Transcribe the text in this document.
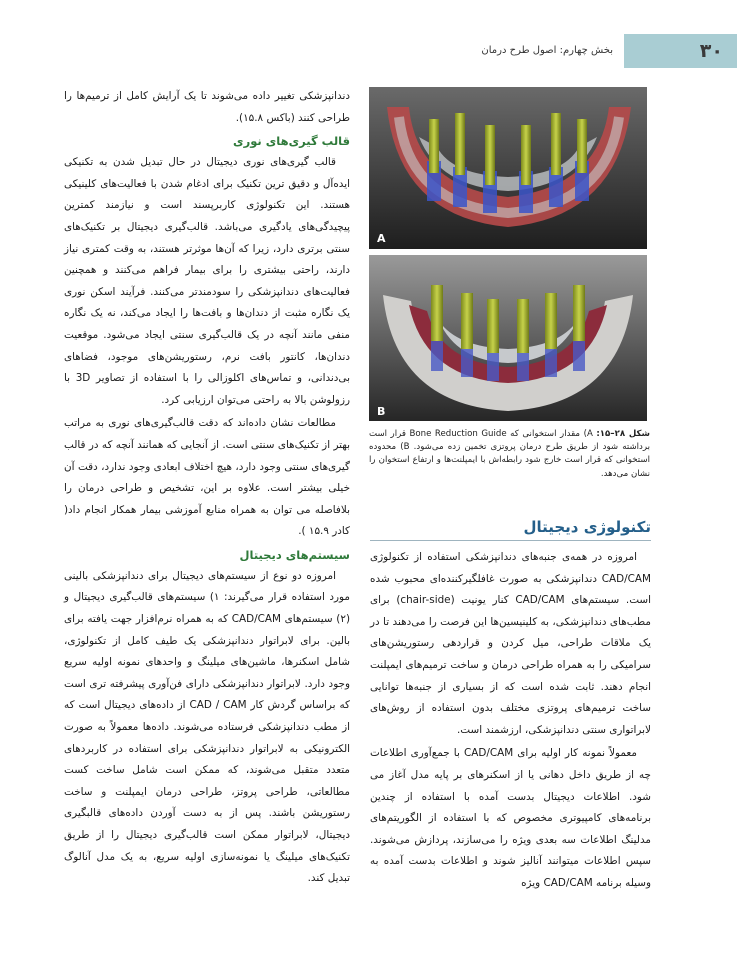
۳۰
بخش چهارم: اصول طرح درمان

دندانپزشکی تغییر داده می‌شوند تا یک آرایش کامل از ترمیم‌ها را طراحی کنند (باکس ۱۵.۸).

قالب گیری‌های نوری

قالب گیری‌های نوری دیجیتال در حال تبدیل شدن به تکنیکی ایده‌آل و دقیق ترین تکنیک برای ادغام شدن با فعالیت‌های کلینیکی هستند. این تکنولوژی کاربرپسند است و نیازمند کمترین پیچیدگی‌های یادگیری می‌باشد. قالب‌گیری دیجیتال بر تکنیک‌های سنتی برتری دارد، زیرا که آن‌ها موثرتر هستند، به وقت کمتری نیاز دارند، راحتی بیشتری را برای بیمار فراهم می‌کنند و همچنین فعالیت‌های دندانپزشکی را سودمندتر می‌کنند. فرآیند اسکن نوری یک نگاره مثبت از دندان‌ها و بافت‌ها را ایجاد می‌کند، نه یک نگاره منفی مانند آنچه در یک قالب‌گیری سنتی ایجاد می‌شود. موقعیت دندان‌ها، کانتور بافت نرم، رستوریشن‌های موجود، فضاهای بی‌دندانی، و تماس‌های اکلوزالی را با استفاده از تصاویر 3D با رزولوشن بالا به راحتی می‌توان ارزیابی کرد.

مطالعات نشان داده‌اند که دقت قالب‌گیری‌های نوری به مراتب بهتر از تکنیک‌های سنتی است. از آنجایی که همانند آنچه که در قالب گیری‌های سنتی وجود دارد، هیچ اختلاف ابعادی وجود ندارد، دقت آن خیلی بیشتر است. علاوه بر این، تشخیص و طراحی درمان را بلافاصله می توان به همراه منابع آموزشی بیمار همکار انجام داد( کادر ۱۵.۹ ).

سیستم‌های دیجیتال

امروزه دو نوع از سیستم‌های دیجیتال برای دندانپزشکی بالینی مورد استفاده قرار می‌گیرند: ۱) سیستم‌های قالب‌گیری دیجیتال و (۲) سیستم‌های CAD/CAM که به همراه نرم‌افزار جهت یافته برای بالین. برای لابراتوار دندانپزشکی یک طیف کامل از تکنولوژی، شامل اسکنرها، ماشین‌های میلینگ و واحدهای نمونه اولیه سریع وجود دارد. لابراتوار دندانپزشکی دارای فن‌آوری پیشرفته تری است که براساس گردش کار CAD / CAM از داده‌های دیجیتال است که از مطب دندانپزشکی فرستاده می‌شوند. داده‌ها معمولاً به صورت الکترونیکی به لابراتوار دندانپزشکی برای استفاده در کاربردهای متعدد متقبل می‌شوند، که ممکن است شامل ساخت کست مطالعاتی، طراحی پروتز، طراحی درمان ایمپلنت و ساخت رستوریشن باشند. پس از به دست آوردن داده‌های قالبگیری دیجیتال، لابراتوار ممکن است قالب‌گیری دیجیتال را از طریق تکنیک‌های میلینگ یا نمونه‌سازی اولیه سریع، به یک مدل آنالوگ تبدیل کند.

A
B
شکل ۲۸–۱۵: A) مقدار استخوانی که Bone Reduction Guide قرار است برداشته شود از طریق طرح درمان پروتزی تخمین زده می‌شود. B) محدوده استخوانی که قرار است خارج شود رابطه‌اش با ایمپلنت‌ها و ارتفاع استخوان را نشان می‌دهد.
تکنولوژی دیجیتال

امروزه در همه‌ی جنبه‌های دندانپزشکی استفاده از تکنولوژی CAD/CAM دندانپزشکی به صورت غافلگیرکننده‌ای محبوب شده است. سیستم‌های CAD/CAM کنار یونیت (chair-side) برای مطب‌های دندانپزشکی، به کلینیسین‌ها این فرصت را می‌دهند تا در یک ملاقات طراحی، میل کردن و قراردهی رستوریشن‌های سرامیکی را به همراه طراحی درمان و ساخت ترمیم‌های ایمپلنت انجام دهند. ثابت شده است که از بسیاری از جنبه‌ها توانایی ساخت ترمیم‌های پروتزی مختلف بدون استفاده از روش‌های لابراتواری سنتی دندانپزشکی، ارزشمند است.

معمولاً نمونه کار اولیه برای CAD/CAM با جمع‌آوری اطلاعات چه از طریق داخل دهانی یا از اسکنرهای بر پایه مدل آغاز می شود. اطلاعات دیجیتال بدست آمده با استفاده از چندین برنامه‌های کامپیوتری مخصوص که با استفاده از الگوریتم‌های مدلینگ اطلاعات سه بعدی ویژه را می‌سازند، پردازش می‌شوند. سپس اطلاعات میتوانند آنالیز شوند و اطلاعات بدست آمده به وسیله برنامه CAD/CAM ویژه
